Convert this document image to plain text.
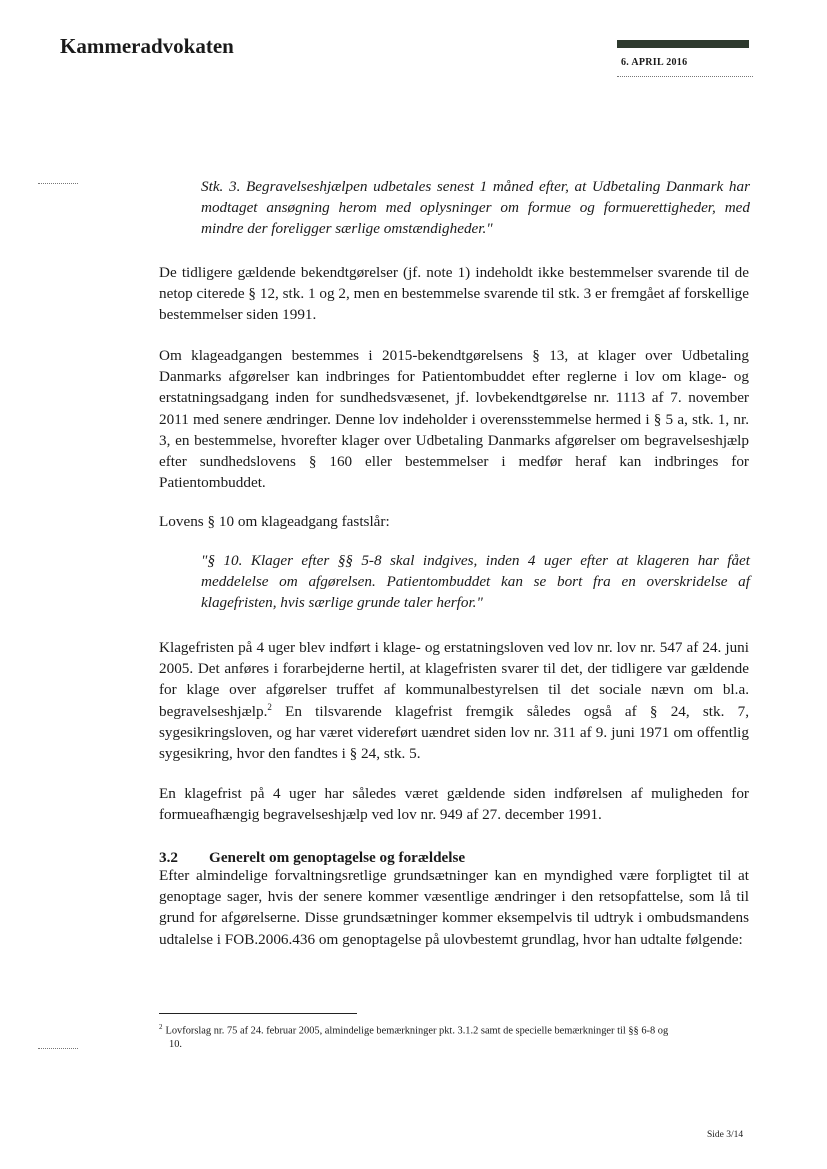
Kammeradvokaten
6. APRIL 2016

Stk. 3. Begravelseshjælpen udbetales senest 1 måned efter, at Udbetaling Danmark har modtaget ansøgning herom med oplysninger om formue og formuerettigheder, med mindre der foreligger særlige omstændigheder."

De tidligere gældende bekendtgørelser (jf. note 1) indeholdt ikke bestemmelser svarende til de netop citerede § 12, stk. 1 og 2, men en bestemmelse svarende til stk. 3 er fremgået af forskellige bestemmelser siden 1991.

Om klageadgangen bestemmes i 2015-bekendtgørelsens § 13, at klager over Udbetaling Danmarks afgørelser kan indbringes for Patientombuddet efter reglerne i lov om klage- og erstatningsadgang inden for sundhedsvæsenet, jf. lovbekendtgørelse nr. 1113 af 7. november 2011 med senere ændringer. Denne lov indeholder i overensstemmelse hermed i § 5 a, stk. 1, nr. 3, en bestemmelse, hvorefter klager over Udbetaling Danmarks afgørelser om begravelseshjælp efter sundhedslovens § 160 eller bestemmelser i medfør heraf kan indbringes for Patientombuddet.

Lovens § 10 om klageadgang fastslår:

"§ 10. Klager efter §§ 5-8 skal indgives, inden 4 uger efter at klageren har fået meddelelse om afgørelsen. Patientombuddet kan se bort fra en overskridelse af klagefristen, hvis særlige grunde taler herfor."

Klagefristen på 4 uger blev indført i klage- og erstatningsloven ved lov nr. lov nr. 547 af 24. juni 2005. Det anføres i forarbejderne hertil, at klagefristen svarer til det, der tidligere var gældende for klage over afgørelser truffet af kommunalbestyrelsen til det sociale nævn om bl.a. begravelseshjælp.$^2$ En tilsvarende klagefrist fremgik således også af § 24, stk. 7, sygesikringsloven, og har været videreført uændret siden lov nr. 311 af 9. juni 1971 om offentlig sygesikring, hvor den fandtes i § 24, stk. 5.

En klagefrist på 4 uger har således været gældende siden indførelsen af muligheden for formueafhængig begravelseshjælp ved lov nr. 949 af 27. december 1991.

3.2 Generelt om genoptagelse og forældelse

Efter almindelige forvaltningsretlige grundsætninger kan en myndighed være forpligtet til at genoptage sager, hvis der senere kommer væsentlige ændringer i den retsopfattelse, som lå til grund for afgørelserne. Disse grundsætninger kommer eksempelvis til udtryk i ombudsmandens udtalelse i FOB.2006.436 om genoptagelse på ulovbestemt grundlag, hvor han udtalte følgende:

$^2$ Lovforslag nr. 75 af 24. februar 2005, almindelige bemærkninger pkt. 3.1.2 samt de specielle bemærkninger til §§ 6-8 og
10.
Side 3/14
